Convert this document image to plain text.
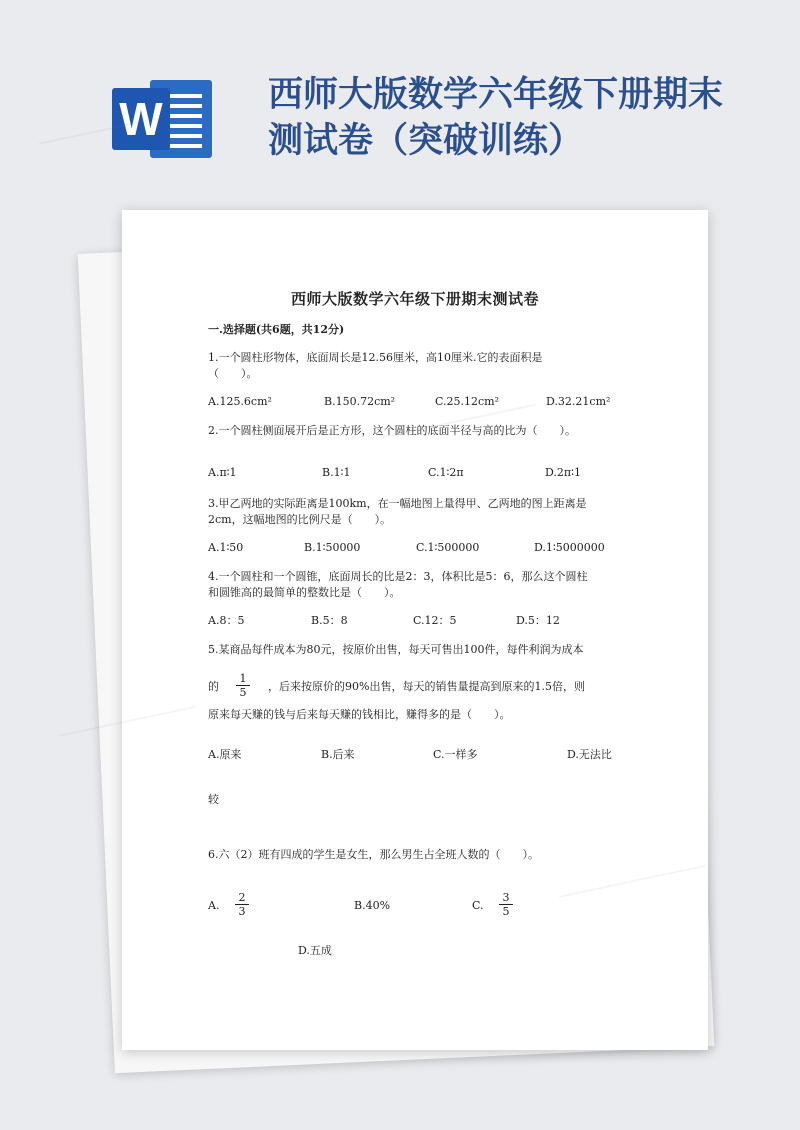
W	西师大版数学六年级下册期末
测试卷（突破训练）
西师大版数学六年级下册期末测试卷
一.选择题(共6题，共12分)
1.一个圆柱形物体，底面周长是12.56厘米，高10厘米.它的表面积是
（　　）。
A.125.6cm²	B.150.72cm²	C.25.12cm²	D.32.21cm²
2.一个圆柱侧面展开后是正方形，这个圆柱的底面半径与高的比为（　　）。
A.π∶1	B.1∶1	C.1∶2π	D.2π∶1
3.甲乙两地的实际距离是100km，在一幅地图上量得甲、乙两地的图上距离是
2cm，这幅地图的比例尺是（　　）。
A.1∶50	B.1∶50000	C.1∶500000	D.1∶5000000
4.一个圆柱和一个圆锥，底面周长的比是2：3，体积比是5：6，那么这个圆柱
和圆锥高的最简单的整数比是（　　）。
A.8：5	B.5：8	C.12：5	D.5：12
5.某商品每件成本为80元，按原价出售，每天可售出100件，每件利润为成本
的 $\frac{1}{5}$ ，后来按原价的90%出售，每天的销售量提高到原来的1.5倍，则
原来每天赚的钱与后来每天赚的钱相比，赚得多的是（　　）。
A.原来	B.后来	C.一样多	D.无法比
较
6.六（2）班有四成的学生是女生，那么男生占全班人数的（　　）。
A. $\frac{2}{3}$	B.40%	C. $\frac{3}{5}$
D.五成
